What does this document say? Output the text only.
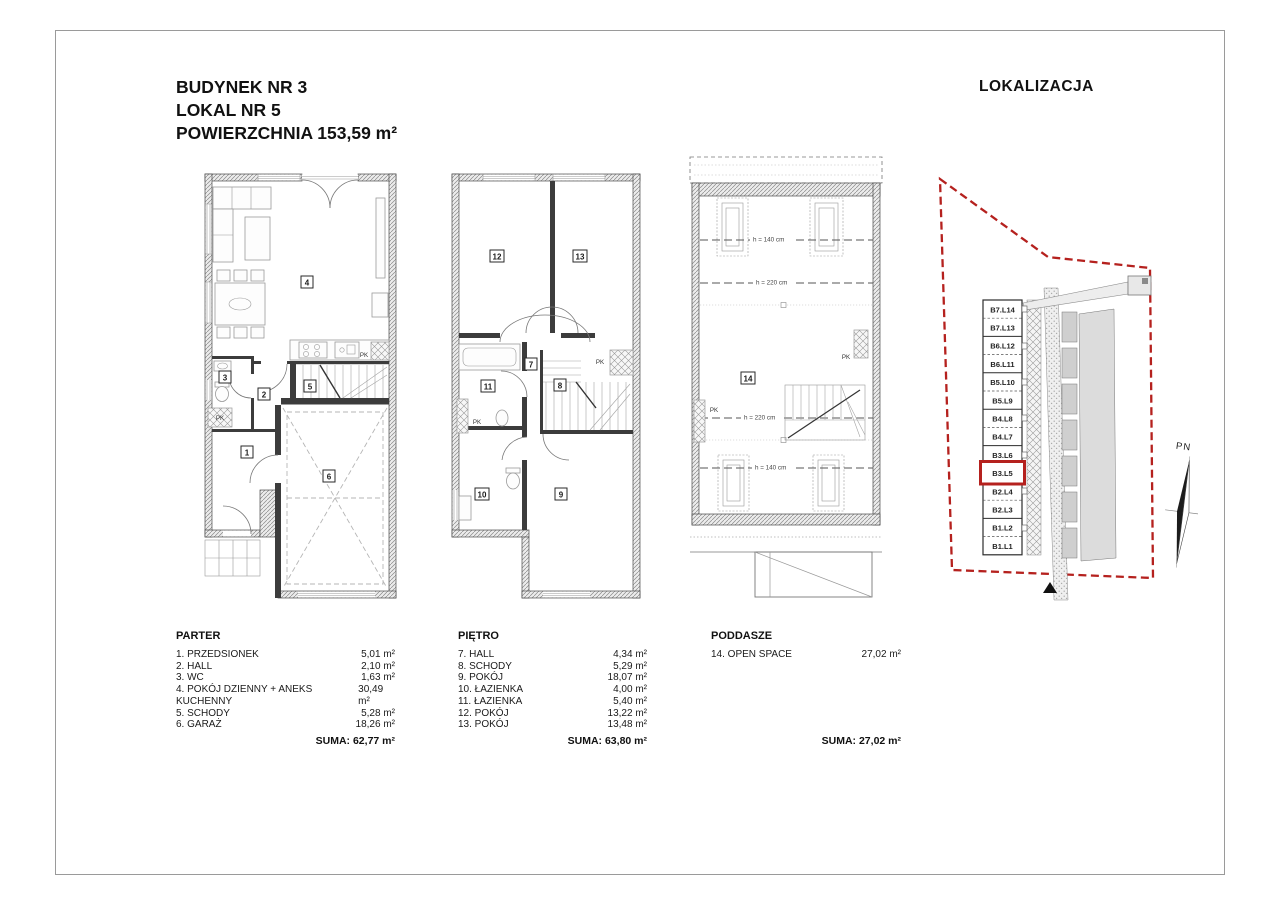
BUDYNEK NR 3
LOKAL NR 5
POWIERZCHNIA 153,59 m²
LOKALIZACJA
PK
PK
1
2
3
4
5
6
PK
PK
12	13
7
8
11
10	9
h = 140 cm
h = 220 cm
h = 220 cm
h = 140 cm
PK
PK
14
B7.L14
B7.L13
B6.L12
B6.L11
B5.L10
B5.L9
B4.L8
B4.L7
B3.L6
B3.L5
B2.L4
B2.L3
B1.L2
B1.L1
PN
PARTER
1. PRZEDSIONEK	5,01 m²
2. HALL	2,10 m²
3. WC	1,63 m²
4. POKÓJ DZIENNY + ANEKS KUCHENNY
30,49 m²
5. SCHODY	5,28 m²
6. GARAŻ	18,26 m²
SUMA: 62,77 m²
PIĘTRO
7. HALL	4,34 m²
8. SCHODY	5,29 m²
9. POKÓJ	18,07 m²
10. ŁAZIENKA	4,00 m²
11. ŁAZIENKA	5,40 m²
12. POKÓJ	13,22 m²
13. POKÓJ	13,48 m²
SUMA: 63,80 m²
PODDASZE
14. OPEN SPACE	27,02 m²
SUMA: 27,02 m²
